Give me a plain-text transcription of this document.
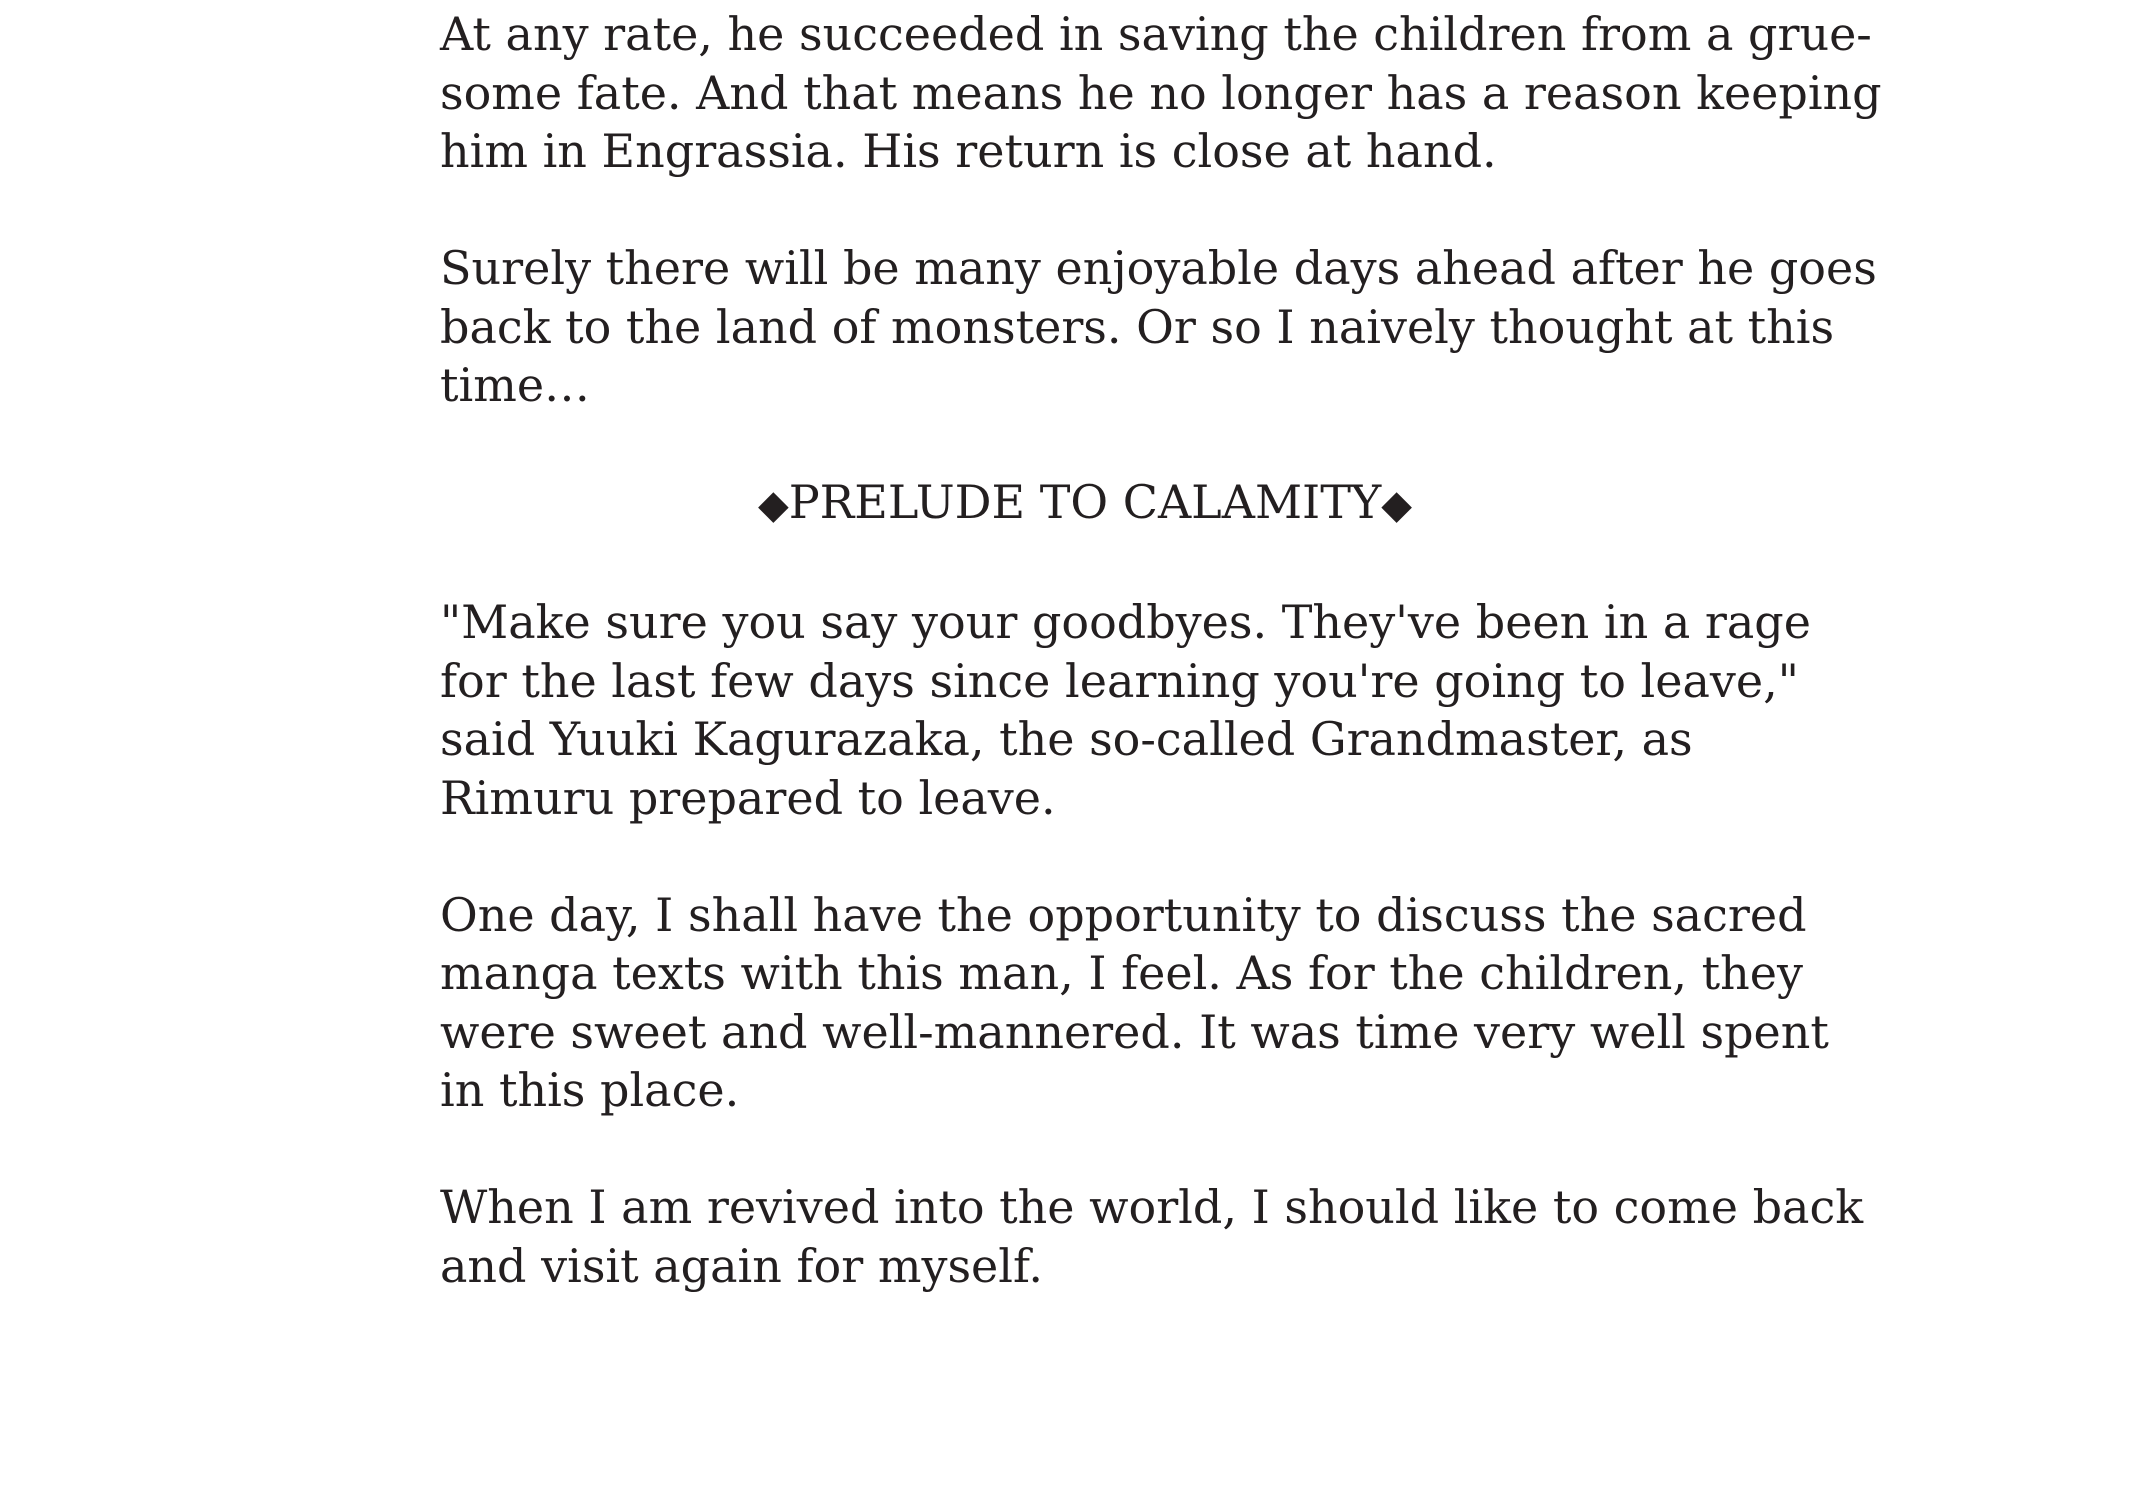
At any rate, he succeeded in saving the children from a grue-
some fate. And that means he no longer has a reason keeping
him in Engrassia. His return is close at hand.

Surely there will be many enjoyable days ahead after he goes
back to the land of monsters. Or so I naively thought at this
time…

◆PRELUDE TO CALAMITY◆

"Make sure you say your goodbyes. They've been in a rage
for the last few days since learning you're going to leave,"
said Yuuki Kagurazaka, the so-called Grandmaster, as
Rimuru prepared to leave.

One day, I shall have the opportunity to discuss the sacred
manga texts with this man, I feel. As for the children, they
were sweet and well-mannered. It was time very well spent
in this place.

When I am revived into the world, I should like to come back
and visit again for myself.
